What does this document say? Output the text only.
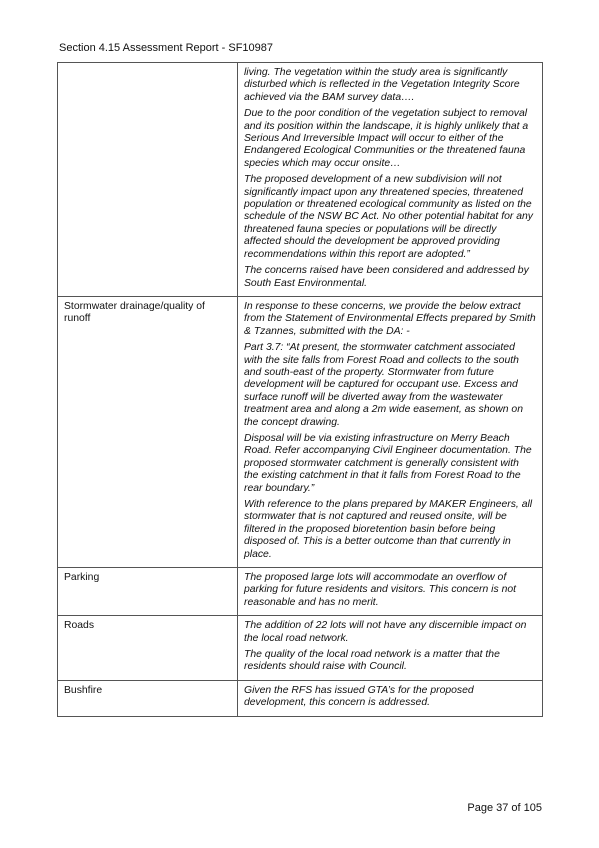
Section 4.15 Assessment Report - SF10987

	living. The vegetation within the study area is significantly disturbed which is reflected in the Vegetation Integrity Score achieved via the BAM survey data….

Due to the poor condition of the vegetation subject to removal and its position within the landscape, it is highly unlikely that a Serious And Irreversible Impact will occur to either of the Endangered Ecological Communities or the threatened fauna species which may occur onsite…

The proposed development of a new subdivision will not significantly impact upon any threatened species, threatened population or threatened ecological community as listed on the schedule of the NSW BC Act. No other potential habitat for any threatened fauna species or populations will be directly affected should the development be approved providing recommendations within this report are adopted.”

The concerns raised have been considered and addressed by South East Environmental.

Stormwater drainage/quality of runoff	In response to these concerns, we provide the below extract from the Statement of Environmental Effects prepared by Smith & Tzannes, submitted with the DA: -

Part 3.7: “At present, the stormwater catchment associated with the site falls from Forest Road and collects to the south and south-east of the property. Stormwater from future development will be captured for occupant use. Excess and surface runoff will be diverted away from the wastewater treatment area and along a 2m wide easement, as shown on the concept drawing.

Disposal will be via existing infrastructure on Merry Beach Road. Refer accompanying Civil Engineer documentation. The proposed stormwater catchment is generally consistent with the existing catchment in that it falls from Forest Road to the rear boundary.”

With reference to the plans prepared by MAKER Engineers, all stormwater that is not captured and reused onsite, will be filtered in the proposed bioretention basin before being disposed of. This is a better outcome than that currently in place.

Parking	The proposed large lots will accommodate an overflow of parking for future residents and visitors. This concern is not reasonable and has no merit.

Roads	The addition of 22 lots will not have any discernible impact on the local road network.

The quality of the local road network is a matter that the residents should raise with Council.

Bushfire	Given the RFS has issued GTA’s for the proposed development, this concern is addressed.

Page 37 of 105
